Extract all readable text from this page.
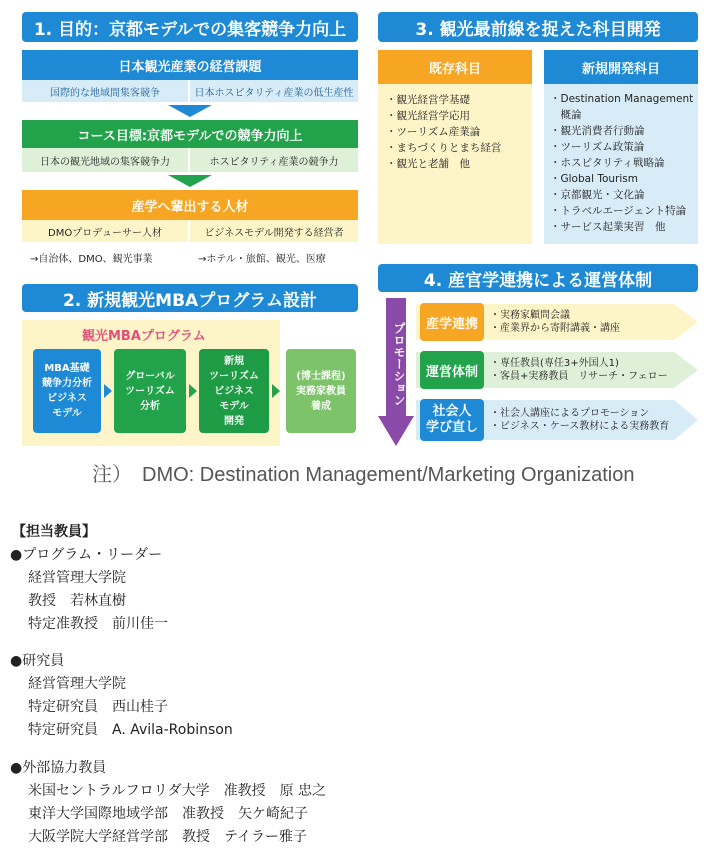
1. 目的：京都モデルでの集客競争力向上
日本観光産業の経営課題
国際的な地域間集客競争	日本ホスピタリティ産業の低生産性
コース目標:京都モデルでの競争力向上
日本の観光地域の集客競争力	ホスピタリティ産業の競争力
産学へ輩出する人材
DMOプロデューサー人材	ビジネスモデル開発する経営者
→自治体、DMO、観光事業	→ホテル・旅館、観光、医療
2. 新規観光MBAプログラム設計
観光MBAプログラム
MBA基礎
競争力分析
ビジネス
モデル
グローバル
ツーリズム
分析
新規
ツーリズム
ビジネス
モデル
開発
(博士課程)
実務家教員
養成
3. 観光最前線を捉えた科目開発
既存科目
・観光経営学基礎
・観光経営学応用
・ツーリズム産業論
・まちづくりとまち経営
・観光と老舗　他
新規開発科目
・Destination Management
　概論
・観光消費者行動論
・ツーリズム政策論
・ホスピタリティ戦略論
・Global Tourism
・京都観光・文化論
・トラベルエージェント特論
・サービス起業実習　他
4. 産官学連携による運営体制
プロモーション	産学連携
・実務家顧問会議
・産業界から寄附講義・講座
運営体制
・専任教員(専任3+外国人1)
・客員+実務教員　リサーチ・フェロー
社会人
学び直し
・社会人講座によるプロモーション
・ビジネス・ケース教材による実務教育
注）　DMO: Destination Management/Marketing Organization
【担当教員】
●プログラム・リーダー
経営管理大学院
教授　若林直樹
特定准教授　前川佳一
●研究員
経営管理大学院
特定研究員　西山桂子
特定研究員　A. Avila-Robinson
●外部協力教員
米国セントラルフロリダ大学　准教授　原 忠之
東洋大学国際地域学部　准教授　矢ケ崎紀子
大阪学院大学経営学部　教授　テイラー雅子
